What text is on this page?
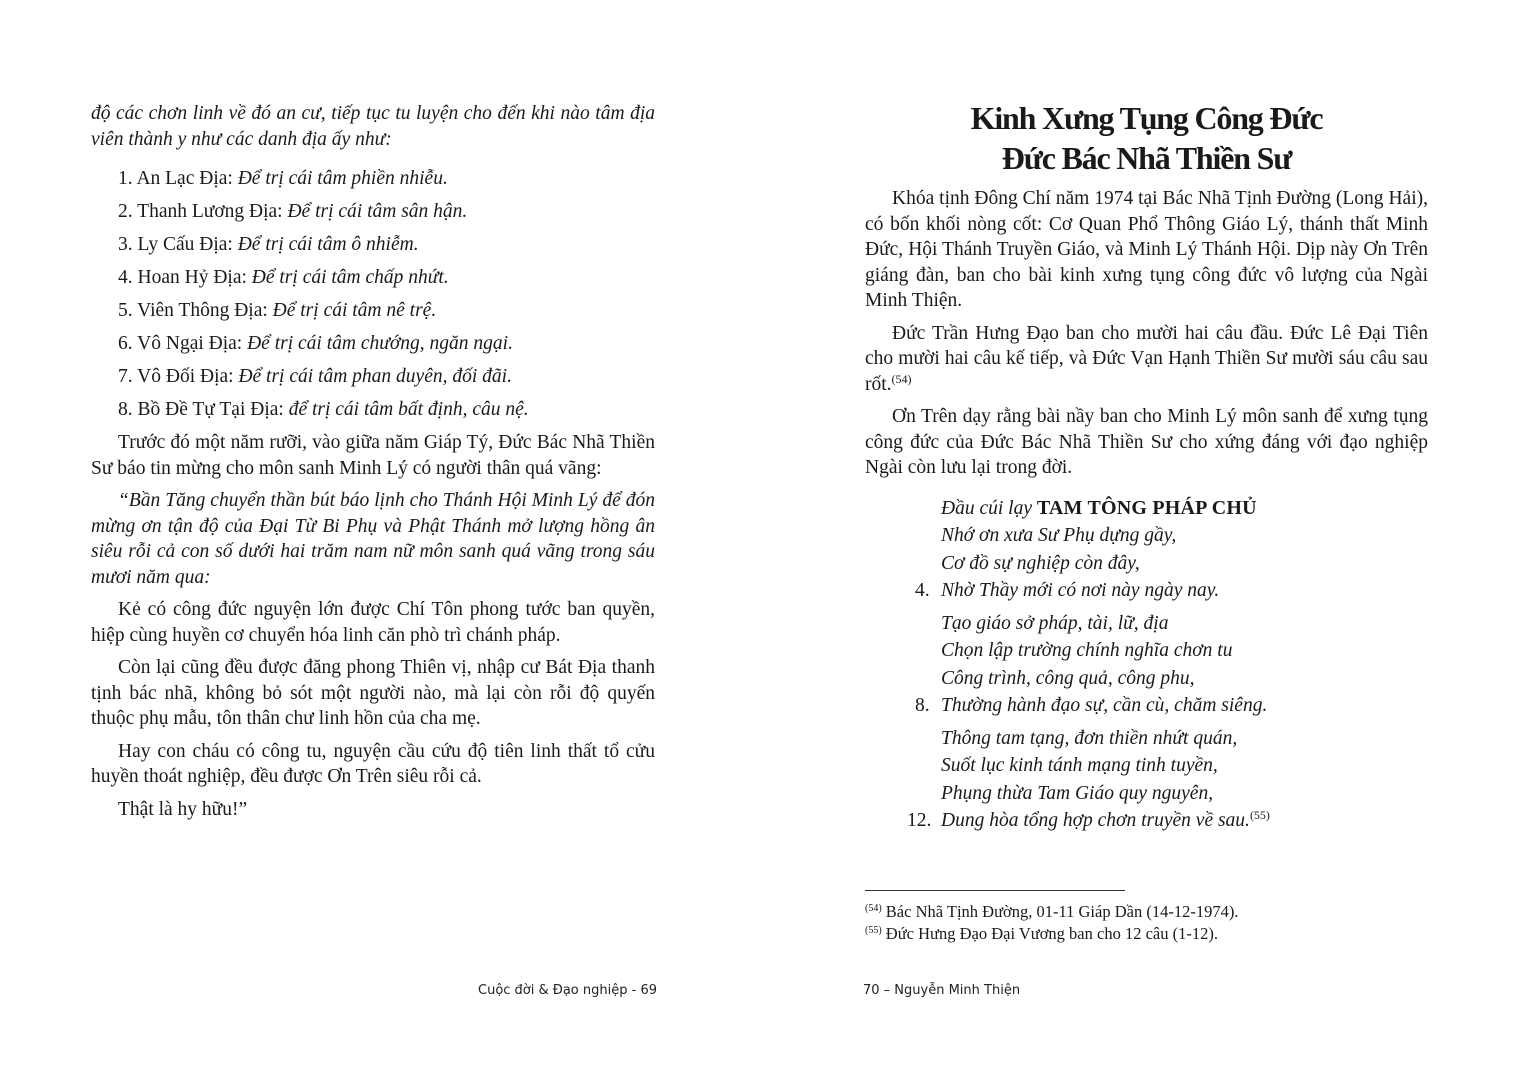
độ các chơn linh về đó an cư, tiếp tục tu luyện cho đến khi nào tâm địa viên thành y như các danh địa ấy như:

1. An Lạc Địa: Để trị cái tâm phiền nhiễu.
2. Thanh Lương Địa: Để trị cái tâm sân hận.
3. Ly Cấu Địa: Để trị cái tâm ô nhiễm.
4. Hoan Hỷ Địa: Để trị cái tâm chấp nhứt.
5. Viên Thông Địa: Để trị cái tâm nê trệ.
6. Vô Ngại Địa: Để trị cái tâm chướng, ngăn ngại.
7. Vô Đối Địa: Để trị cái tâm phan duyên, đối đãi.
8. Bồ Đề Tự Tại Địa: để trị cái tâm bất định, câu nệ.

Trước đó một năm rưỡi, vào giữa năm Giáp Tý, Đức Bác Nhã Thiền Sư báo tin mừng cho môn sanh Minh Lý có người thân quá vãng:

“Bần Tăng chuyển thần bút báo lịnh cho Thánh Hội Minh Lý để đón mừng ơn tận độ của Đại Từ Bi Phụ và Phật Thánh mở lượng hồng ân siêu rỗi cả con số dưới hai trăm nam nữ môn sanh quá vãng trong sáu mươi năm qua:

Kẻ có công đức nguyện lớn được Chí Tôn phong tước ban quyền, hiệp cùng huyền cơ chuyển hóa linh căn phò trì chánh pháp.

Còn lại cũng đều được đăng phong Thiên vị, nhập cư Bát Địa thanh tịnh bác nhã, không bỏ sót một người nào, mà lại còn rỗi độ quyến thuộc phụ mẫu, tôn thân chư linh hồn của cha mẹ.

Hay con cháu có công tu, nguyện cầu cứu độ tiên linh thất tổ cửu huyền thoát nghiệp, đều được Ơn Trên siêu rỗi cả.

Thật là hy hữu!”

Cuộc đời & Đạo nghiệp - 69
Kinh Xưng Tụng Công Đức
Đức Bác Nhã Thiền Sư

Khóa tịnh Đông Chí năm 1974 tại Bác Nhã Tịnh Đường (Long Hải), có bốn khối nòng cốt: Cơ Quan Phổ Thông Giáo Lý, thánh thất Minh Đức, Hội Thánh Truyền Giáo, và Minh Lý Thánh Hội. Dịp này Ơn Trên giáng đàn, ban cho bài kinh xưng tụng công đức vô lượng của Ngài Minh Thiện.

Đức Trần Hưng Đạo ban cho mười hai câu đầu. Đức Lê Đại Tiên cho mười hai câu kế tiếp, và Đức Vạn Hạnh Thiền Sư mười sáu câu sau rốt.$^{(54)}$

Ơn Trên dạy rằng bài nầy ban cho Minh Lý môn sanh để xưng tụng công đức của Đức Bác Nhã Thiền Sư cho xứng đáng với đạo nghiệp Ngài còn lưu lại trong đời.

Đầu cúi lạy TAM TÔNG PHÁP CHỦ
Nhớ ơn xưa Sư Phụ dựng gầy,
Cơ đồ sự nghiệp còn đây,
4. Nhờ Thầy mới có nơi này ngày nay.
Tạo giáo sở pháp, tài, lữ, địa
Chọn lập trường chính nghĩa chơn tu
Công trình, công quả, công phu,
8. Thường hành đạo sự, cần cù, chăm siêng.
Thông tam tạng, đơn thiền nhứt quán,
Suốt lục kinh tánh mạng tinh tuyền,
Phụng thừa Tam Giáo quy nguyên,
12. Dung hòa tổng hợp chơn truyền về sau.$^{(55)}$

$^{(54)}$ Bác Nhã Tịnh Đường, 01-11 Giáp Dần (14-12-1974).

$^{(55)}$ Đức Hưng Đạo Đại Vương ban cho 12 câu (1-12).

70 – Nguyễn Minh Thiện
